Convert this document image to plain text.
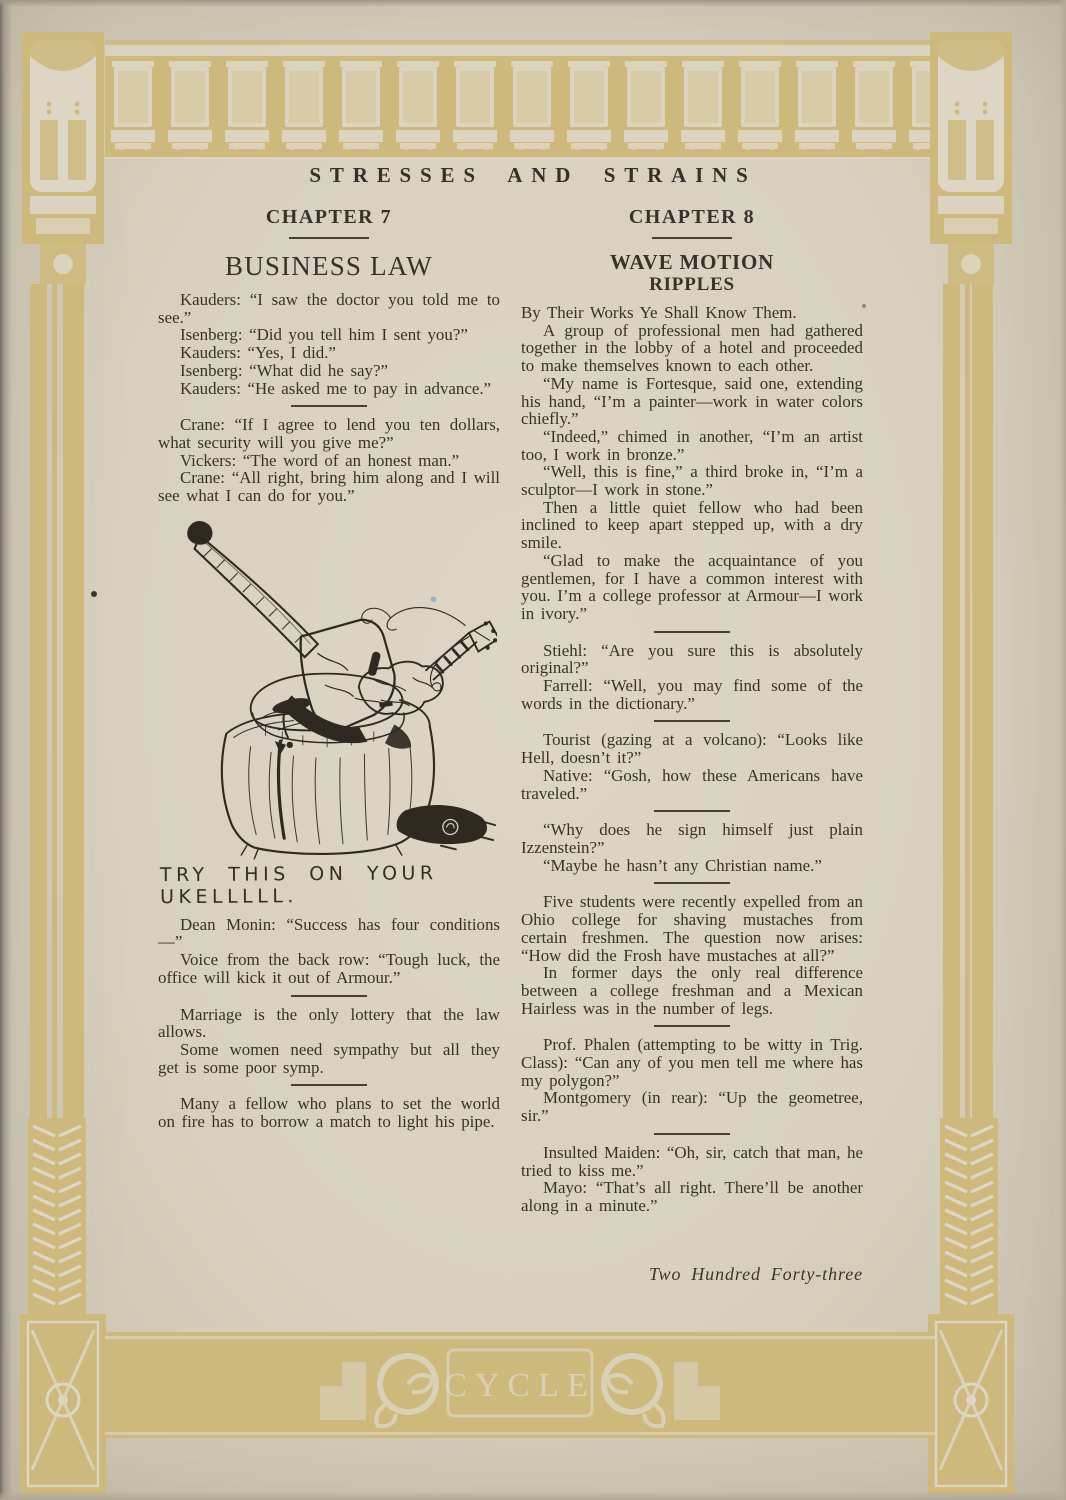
CYCLE
STRESSES AND STRAINS
CHAPTER 7
BUSINESS LAW

Kauders: “I saw the doctor you told me to see.”

Isenberg: “Did you tell him I sent you?”

Kauders: “Yes, I did.”

Isenberg: “What did he say?”

Kauders: “He asked me to pay in advance.”

Crane: “If I agree to lend you ten dollars, what security will you give me?”

Vickers: “The word of an honest man.”

Crane: “All right, bring him along and I will see what I can do for you.”

TRY THIS ON YOUR UKELLLLL.

Dean Monin: “Success has four conditions—”

Voice from the back row: “Tough luck, the office will kick it out of Armour.”

Marriage is the only lottery that the law allows.

Some women need sympathy but all they get is some poor symp.

Many a fellow who plans to set the world on fire has to borrow a match to light his pipe.

CHAPTER 8
WAVE MOTION
RIPPLES

By Their Works Ye Shall Know Them.

A group of professional men had gathered together in the lobby of a hotel and proceeded to make themselves known to each other.

“My name is Fortesque, said one, extending his hand, “I’m a painter—work in water colors chiefly.”

“Indeed,” chimed in another, “I’m an artist too, I work in bronze.”

“Well, this is fine,” a third broke in, “I’m a sculptor—I work in stone.”

Then a little quiet fellow who had been inclined to keep apart stepped up, with a dry smile.

“Glad to make the acquaintance of you gentlemen, for I have a common interest with you. I’m a college professor at Armour—I work in ivory.”

Stiehl: “Are you sure this is absolutely original?”

Farrell: “Well, you may find some of the words in the dictionary.”

Tourist (gazing at a volcano): “Looks like Hell, doesn’t it?”

Native: “Gosh, how these Americans have traveled.”

“Why does he sign himself just plain Izzenstein?”

“Maybe he hasn’t any Christian name.”

Five students were recently expelled from an Ohio college for shaving mustaches from certain freshmen. The question now arises: “How did the Frosh have mustaches at all?”

In former days the only real difference between a college freshman and a Mexican Hairless was in the number of legs.

Prof. Phalen (attempting to be witty in Trig. Class): “Can any of you men tell me where has my polygon?”

Montgomery (in rear): “Up the geometree, sir.”

Insulted Maiden: “Oh, sir, catch that man, he tried to kiss me.”

Mayo: “That’s all right. There’ll be another along in a minute.”

Two Hundred Forty-three
